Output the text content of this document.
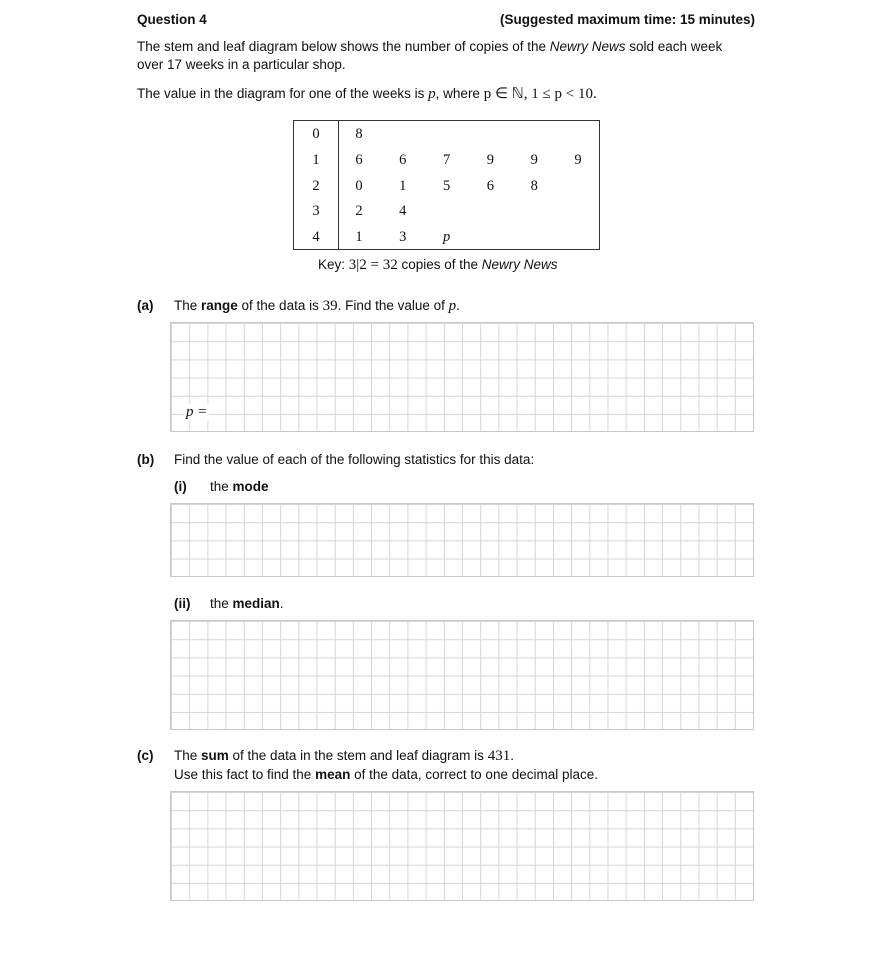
Question 4	(Suggested maximum time: 15 minutes)
The stem and leaf diagram below shows the number of copies of the Newry News sold each week
over 17 weeks in a particular shop.
The value in the diagram for one of the weeks is p, where p ∈ ℕ, 1 ≤ p < 10.
0	8
1	6	6	7	9	9	9
2	0	1	5	6	8
3	2	4
4	1	3	p
Key: 3|2 = 32 copies of the Newry News
(a) The range of the data is 39. Find the value of p.
p =
(b) Find the value of each of the following statistics for this data:
(i) the mode
(ii) the median.
(c) The sum of the data in the stem and leaf diagram is 431.
Use this fact to find the mean of the data, correct to one decimal place.
